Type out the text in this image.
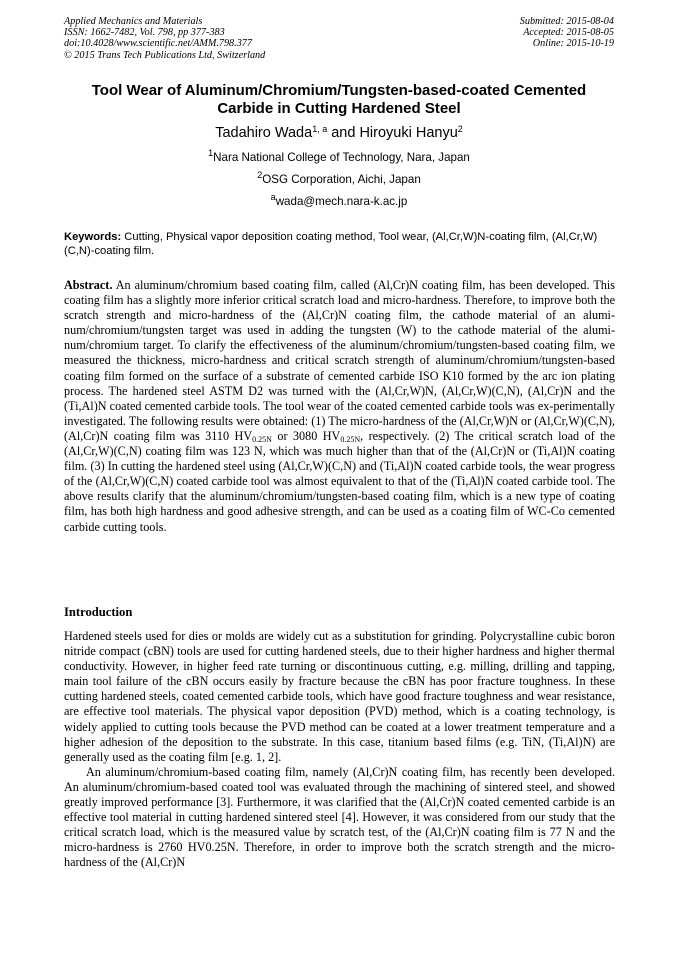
Applied Mechanics and Materials
ISSN: 1662-7482, Vol. 798, pp 377-383
doi:10.4028/www.scientific.net/AMM.798.377
© 2015 Trans Tech Publications Ltd, Switzerland
Submitted: 2015-08-04
Accepted: 2015-08-05
Online: 2015-10-19
Tool Wear of Aluminum/Chromium/Tungsten-based-coated Cemented
Carbide in Cutting Hardened Steel
Tadahiro Wada$^{1, a}$ and Hiroyuki Hanyu$^2$
$^1$Nara National College of Technology, Nara, Japan
$^2$OSG Corporation, Aichi, Japan
$^a$wada@mech.nara-k.ac.jp
Keywords: Cutting, Physical vapor deposition coating method, Tool wear, (Al,Cr,W)N-coating film, (Al,Cr,W)(C,N)-coating film.
Abstract. An aluminum/chromium based coating film, called (Al,Cr)N coating film, has been developed. This coating film has a slightly more inferior critical scratch load and micro-hardness. Therefore, to improve both the scratch strength and micro-hardness of the (Al,Cr)N coating film, the cathode material of an alumi-num/chromium/tungsten target was used in adding the tungsten (W) to the cathode material of the alumi-num/chromium target. To clarify the effectiveness of the aluminum/chromium/tungsten-based coating film, we measured the thickness, micro-hardness and critical scratch strength of aluminum/chromium/tungsten-based coating film formed on the surface of a substrate of cemented carbide ISO K10 formed by the arc ion plating process. The hardened steel ASTM D2 was turned with the (Al,Cr,W)N, (Al,Cr,W)(C,N), (Al,Cr)N and the (Ti,Al)N coated cemented carbide tools. The tool wear of the coated cemented carbide tools was ex-perimentally investigated. The following results were obtained: (1) The micro-hardness of the (Al,Cr,W)N or (Al,Cr,W)(C,N), (Al,Cr)N coating film was 3110 $HV_{0.25N}$ or 3080 $HV_{0.25N}$, respectively. (2) The critical scratch load of the (Al,Cr,W)(C,N) coating film was 123 N, which was much higher than that of the (Al,Cr)N or (Ti,Al)N coating film. (3) In cutting the hardened steel using (Al,Cr,W)(C,N) and (Ti,Al)N coated carbide tools, the wear progress of the (Al,Cr,W)(C,N) coated carbide tool was almost equivalent to that of the (Ti,Al)N coated carbide tool. The above results clarify that the aluminum/chromium/tungsten-based coating film, which is a new type of coating film, has both high hardness and good adhesive strength, and can be used as a coating film of WC-Co cemented carbide cutting tools.
Introduction

Hardened steels used for dies or molds are widely cut as a substitution for grinding. Polycrystalline cubic boron nitride compact (cBN) tools are used for cutting hardened steels, due to their higher hardness and higher thermal conductivity. However, in higher feed rate turning or discontinuous cutting, e.g. milling, drilling and tapping, main tool failure of the cBN occurs easily by fracture because the cBN has poor fracture toughness. In these cutting hardened steels, coated cemented carbide tools, which have good fracture toughness and wear resistance, are effective tool materials. The physical vapor deposition (PVD) method, which is a coating technology, is widely applied to cutting tools because the PVD method can be coated at a lower treatment temperature and a higher adhesion of the deposition to the substrate. In this case, titanium based films (e.g. TiN, (Ti,Al)N) are generally used as the coating film [e.g. 1, 2].

An aluminum/chromium-based coating film, namely (Al,Cr)N coating film, has recently been developed. An aluminum/chromium-based coated tool was evaluated through the machining of sintered steel, and showed greatly improved performance [3]. Furthermore, it was clarified that the (Al,Cr)N coated cemented carbide is an effective tool material in cutting hardened sintered steel [4]. However, it was considered from our study that the critical scratch load, which is the measured value by scratch test, of the (Al,Cr)N coating film is 77 N and the micro-hardness is 2760 HV0.25N. Therefore, in order to improve both the scratch strength and the micro-hardness of the (Al,Cr)N
